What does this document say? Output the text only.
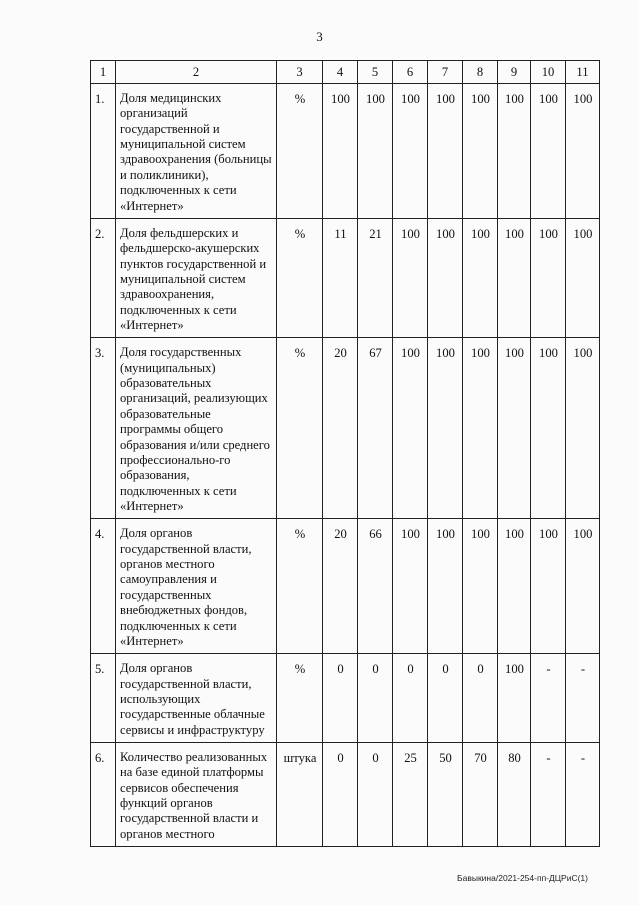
3
1	2	3	4	5	6	7	8	9	10	11
1.	Доля медицинских организаций государственной и муниципальной систем здравоохранения (больницы и поликлиники), подключенных к сети «Интернет»	%	100	100	100	100	100	100	100	100
2.	Доля фельдшерских и фельдшерско-акушерских пунктов государственной и муниципальной систем здравоохранения, подключенных к сети «Интернет»	%	11	21	100	100	100	100	100	100
3.	Доля государственных (муниципальных) образовательных организаций, реализующих образовательные программы общего образования и/или среднего профессионально-го образования, подключенных к сети «Интернет»	%	20	67	100	100	100	100	100	100
4.	Доля органов государственной власти, органов местного самоуправления и государственных внебюджетных фондов, подключенных к сети «Интернет»	%	20	66	100	100	100	100	100	100
5.	Доля органов государственной власти, использующих государственные облачные сервисы и инфраструктуру	%	0	0	0	0	0	100	-	-
6.	Количество реализованных на базе единой платформы сервисов обеспечения функций органов государственной власти и органов местного	штука	0	0	25	50	70	80	-	-
Бавыкина/2021-254-пп-ДЦРиС(1)
